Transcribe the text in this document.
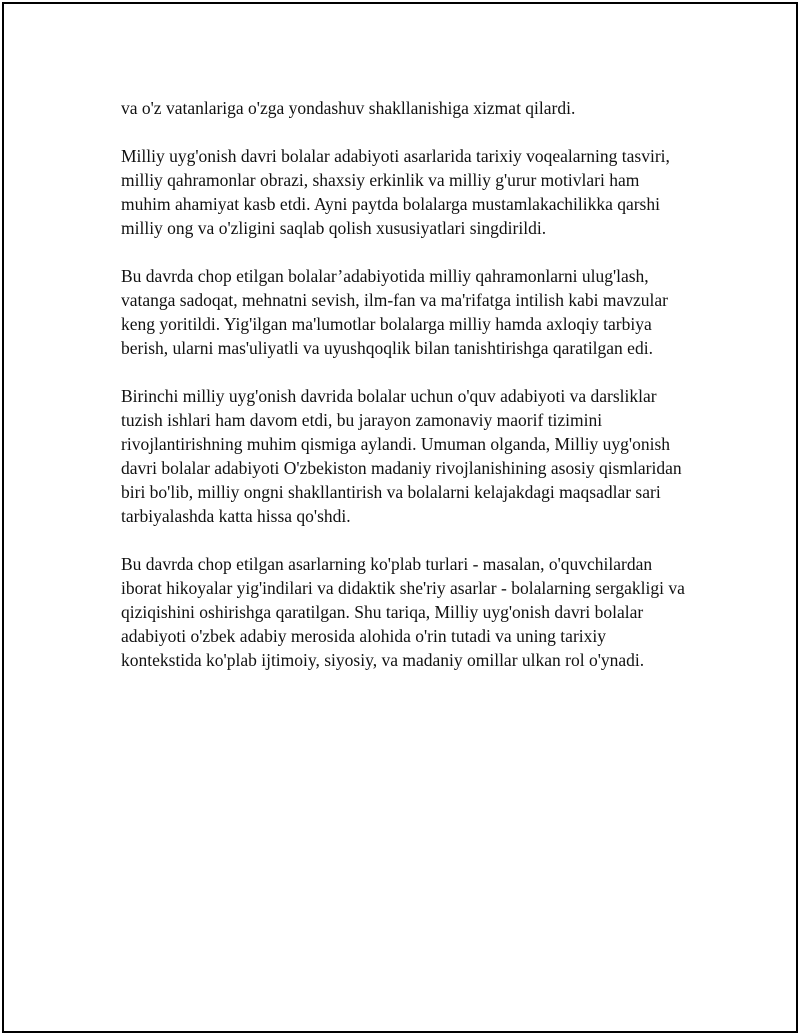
va o'z vatanlariga o'zga yondashuv shakllanishiga xizmat qilardi.

Milliy uyg'onish davri bolalar adabiyoti asarlarida tarixiy voqealarning tasviri, milliy qahramonlar obrazi, shaxsiy erkinlik va milliy g'urur motivlari ham muhim ahamiyat kasb etdi. Ayni paytda bolalarga mustamlakachilikka qarshi milliy ong va o'zligini saqlab qolish xususiyatlari singdirildi.

Bu davrda chop etilgan bolalar’adabiyotida milliy qahramonlarni ulug'lash, vatanga sadoqat, mehnatni sevish, ilm-fan va ma'rifatga intilish kabi mavzular keng yoritildi. Yig'ilgan ma'lumotlar bolalarga milliy hamda axloqiy tarbiya berish, ularni mas'uliyatli va uyushqoqlik bilan tanishtirishga qaratilgan edi.

Birinchi milliy uyg'onish davrida bolalar uchun o'quv adabiyoti va darsliklar tuzish ishlari ham davom etdi, bu jarayon zamonaviy maorif tizimini rivojlantirishning muhim qismiga aylandi. Umuman olganda, Milliy uyg'onish davri bolalar adabiyoti O'zbekiston madaniy rivojlanishining asosiy qismlaridan biri bo'lib, milliy ongni shakllantirish va bolalarni kelajakdagi maqsadlar sari tarbiyalashda katta hissa qo'shdi.

Bu davrda chop etilgan asarlarning ko'plab turlari - masalan, o'quvchilardan iborat hikoyalar yig'indilari va didaktik she'riy asarlar - bolalarning sergakligi va qiziqishini oshirishga qaratilgan. Shu tariqa, Milliy uyg'onish davri bolalar adabiyoti o'zbek adabiy merosida alohida o'rin tutadi va uning tarixiy kontekstida ko'plab ijtimoiy, siyosiy, va madaniy omillar ulkan rol o'ynadi.
